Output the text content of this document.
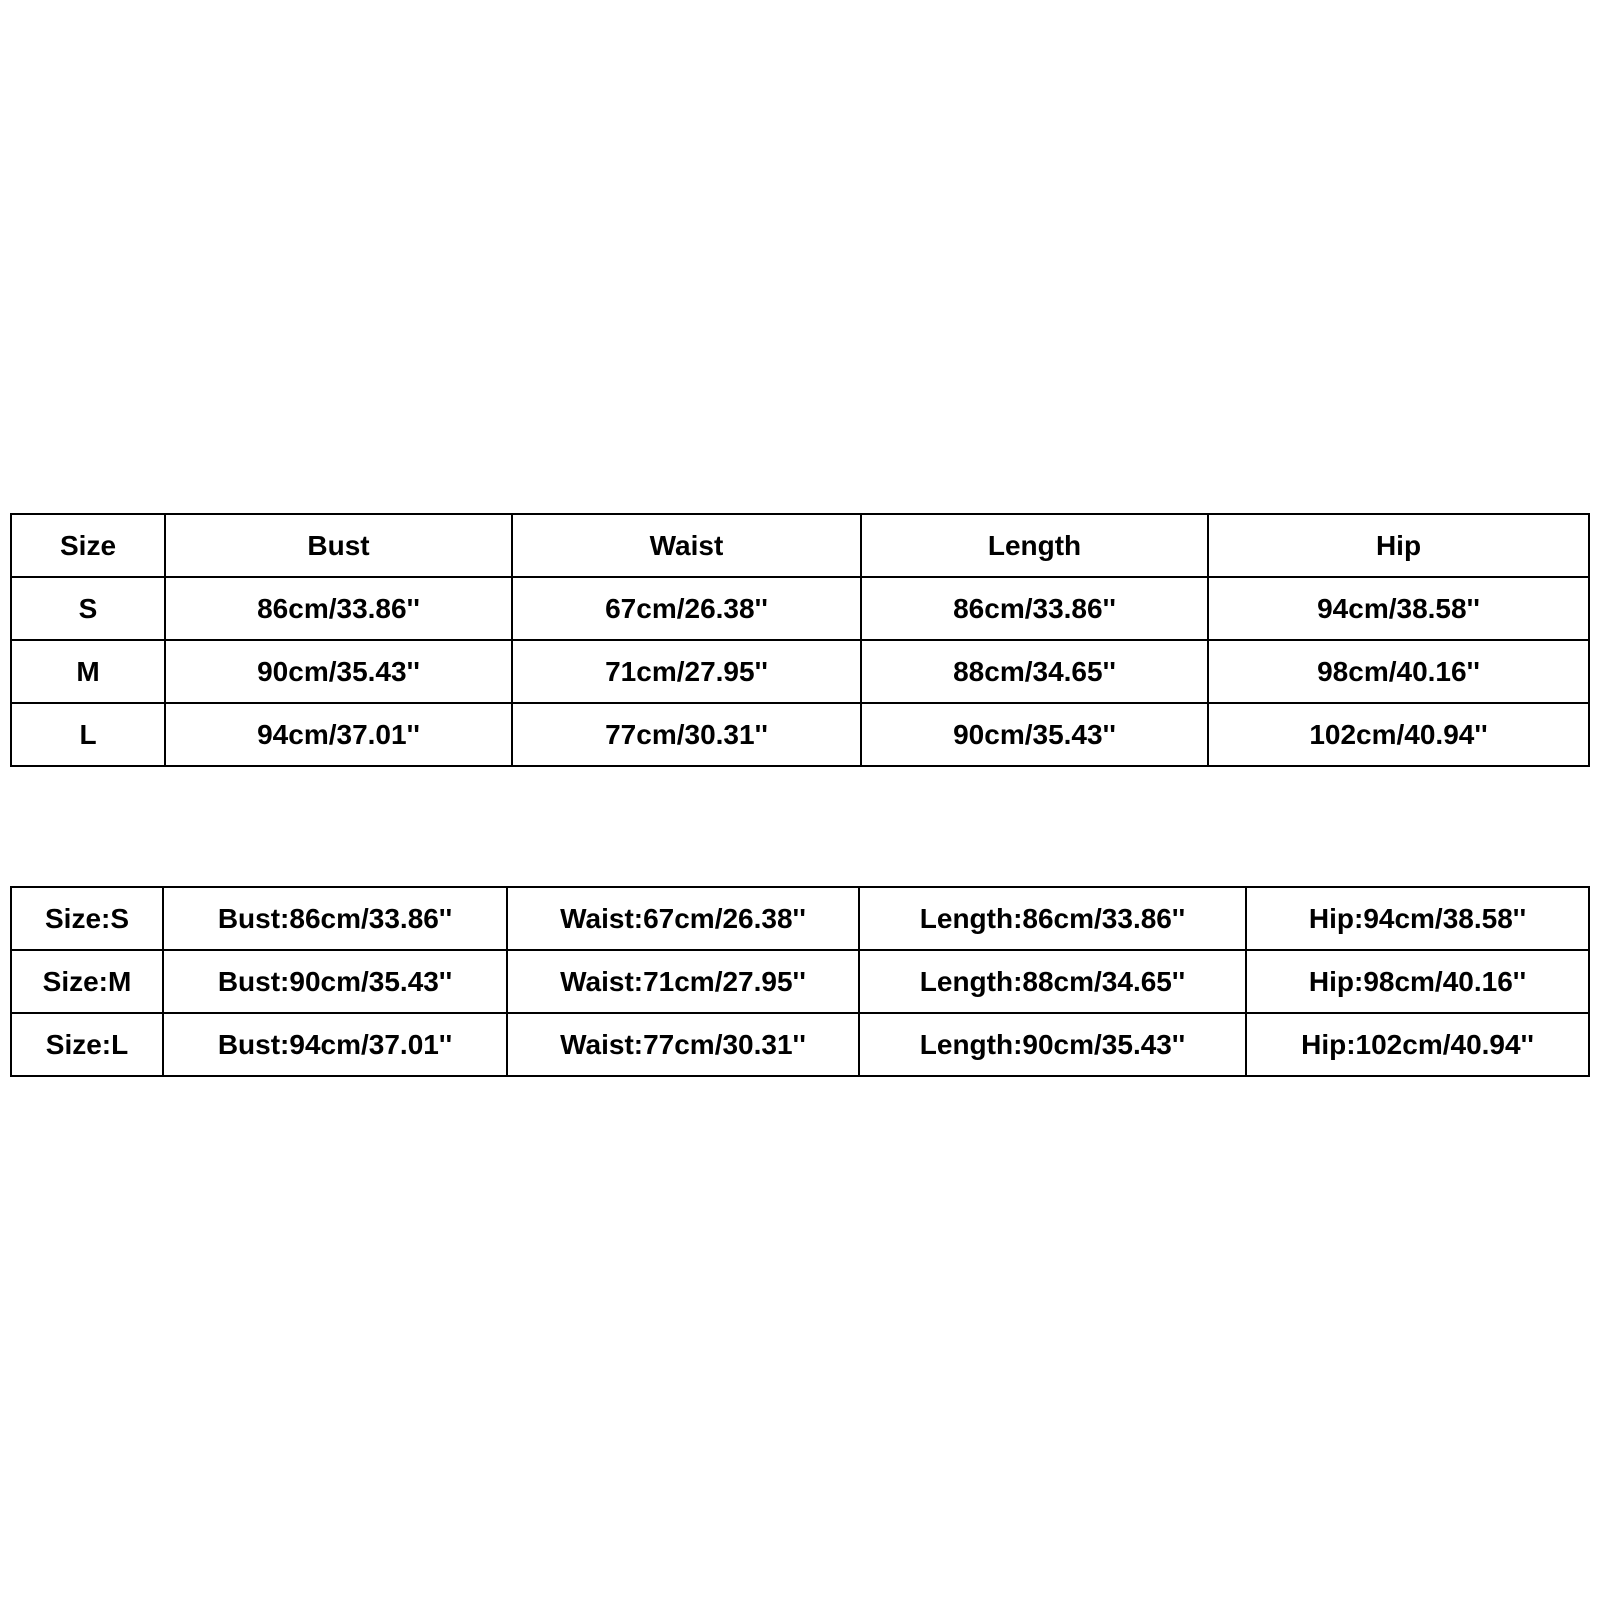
Size	Bust	Waist	Length	Hip
S	86cm/33.86''	67cm/26.38''	86cm/33.86''	94cm/38.58''
M	90cm/35.43''	71cm/27.95''	88cm/34.65''	98cm/40.16''
L	94cm/37.01''	77cm/30.31''	90cm/35.43''	102cm/40.94''
Size:S	Bust:86cm/33.86''	Waist:67cm/26.38''	Length:86cm/33.86''	Hip:94cm/38.58''
Size:M	Bust:90cm/35.43''	Waist:71cm/27.95''	Length:88cm/34.65''	Hip:98cm/40.16''
Size:L	Bust:94cm/37.01''	Waist:77cm/30.31''	Length:90cm/35.43''	Hip:102cm/40.94''
